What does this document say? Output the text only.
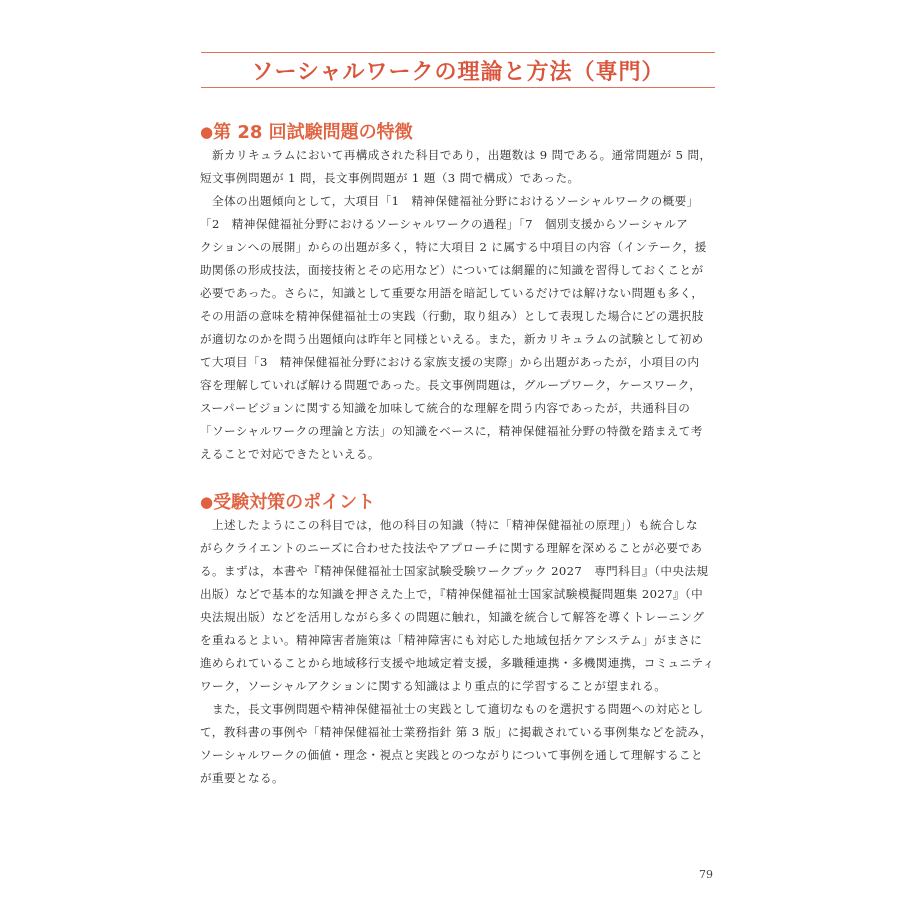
ソーシャルワークの理論と方法（専門）
●第 28 回試験問題の特徴
　新カリキュラムにおいて再構成された科目であり，出題数は 9 問である。通常問題が 5 問，
短文事例問題が 1 問，長文事例問題が 1 題（3 問で構成）であった。
　全体の出題傾向として，大項目「1　精神保健福祉分野におけるソーシャルワークの概要」
「2　精神保健福祉分野におけるソーシャルワークの過程」「7　個別支援からソーシャルア
クションへの展開」からの出題が多く，特に大項目 2 に属する中項目の内容（インテーク，援
助関係の形成技法，面接技術とその応用など）については網羅的に知識を習得しておくことが
必要であった。さらに，知識として重要な用語を暗記しているだけでは解けない問題も多く，
その用語の意味を精神保健福祉士の実践（行動，取り組み）として表現した場合にどの選択肢
が適切なのかを問う出題傾向は昨年と同様といえる。また，新カリキュラムの試験として初め
て大項目「3　精神保健福祉分野における家族支援の実際」から出題があったが，小項目の内
容を理解していれば解ける問題であった。長文事例問題は，グループワーク，ケースワーク，
スーパービジョンに関する知識を加味して統合的な理解を問う内容であったが，共通科目の
「ソーシャルワークの理論と方法」の知識をベースに，精神保健福祉分野の特徴を踏まえて考
えることで対応できたといえる。
●受験対策のポイント
　上述したようにこの科目では，他の科目の知識（特に「精神保健福祉の原理」）も統合しな
がらクライエントのニーズに合わせた技法やアプローチに関する理解を深めることが必要であ
る。まずは，本書や『精神保健福祉士国家試験受験ワークブック 2027　専門科目』（中央法規
出版）などで基本的な知識を押さえた上で，『精神保健福祉士国家試験模擬問題集 2027』（中
央法規出版）などを活用しながら多くの問題に触れ，知識を統合して解答を導くトレーニング
を重ねるとよい。精神障害者施策は「精神障害にも対応した地域包括ケアシステム」がまさに
進められていることから地域移行支援や地域定着支援，多職種連携・多機関連携，コミュニティ
ワーク，ソーシャルアクションに関する知識はより重点的に学習することが望まれる。
　また，長文事例問題や精神保健福祉士の実践として適切なものを選択する問題への対応とし
て，教科書の事例や「精神保健福祉士業務指針 第 3 版」に掲載されている事例集などを読み，
ソーシャルワークの価値・理念・視点と実践とのつながりについて事例を通して理解すること
が重要となる。
79
